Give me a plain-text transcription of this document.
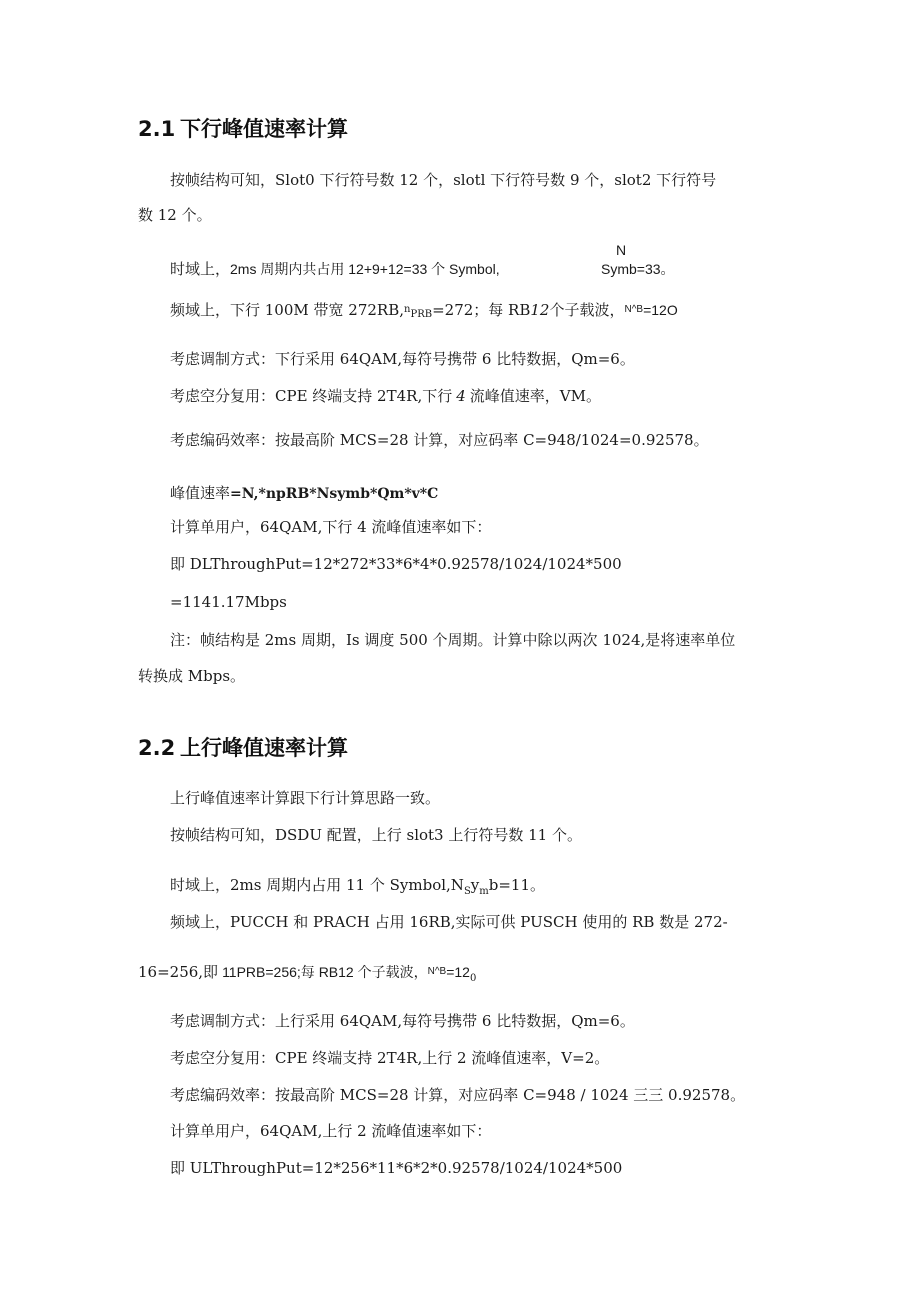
2.1 下行峰值速率计算
按帧结构可知，Slot0 下行符号数 12 个，slotl 下行符号数 9 个，slot2 下行符号
数 12 个。
N
时域上，2ms 周期内共占用 12+9+12=33 个 Symbol,	Symb=33。
频域上，下行 100M 带宽 272RB,$^n$PRB=272；每 RB12个子载波，$^{N\^{}B}$=12O
考虑调制方式：下行采用 64QAM,每符号携带 6 比特数据，Qm=6。
考虑空分复用：CPE 终端支持 2T4R,下行 4 流峰值速率，VM。
考虑编码效率：按最高阶 MCS=28 计算，对应码率 C=948/1024=0.92578。
峰值速率=N,*npRB*Nsymb*Qm*v*C
计算单用户，64QAM,下行 4 流峰值速率如下：
即 DLThroughPut=12*272*33*6*4*0.92578/1024/1024*500
=1141.17Mbps
注：帧结构是 2ms 周期，Is 调度 500 个周期。计算中除以两次 1024,是将速率单位
转换成 Mbps。
2.2 上行峰值速率计算
上行峰值速率计算跟下行计算思路一致。
按帧结构可知，DSDU 配置，上行 slot3 上行符号数 11 个。
时域上，2ms 周期内占用 11 个 $Symbol,N_Sy_mb=11$。
频域上，PUCCH 和 PRACH 占用 16RB,实际可供 PUSCH 使用的 RB 数是 272-
16=256,即 11PRB=256;每 RB12 个子载波，$^{N\^{}B}=12_0$
考虑调制方式：上行采用 64QAM,每符号携带 6 比特数据，Qm=6。
考虑空分复用：CPE 终端支持 2T4R,上行 2 流峰值速率，V=2。
考虑编码效率：按最高阶 MCS=28 计算，对应码率 C=948 / 1024 三三 0.92578。
计算单用户，64QAM,上行 2 流峰值速率如下：
即 ULThroughPut=12*256*11*6*2*0.92578/1024/1024*500
